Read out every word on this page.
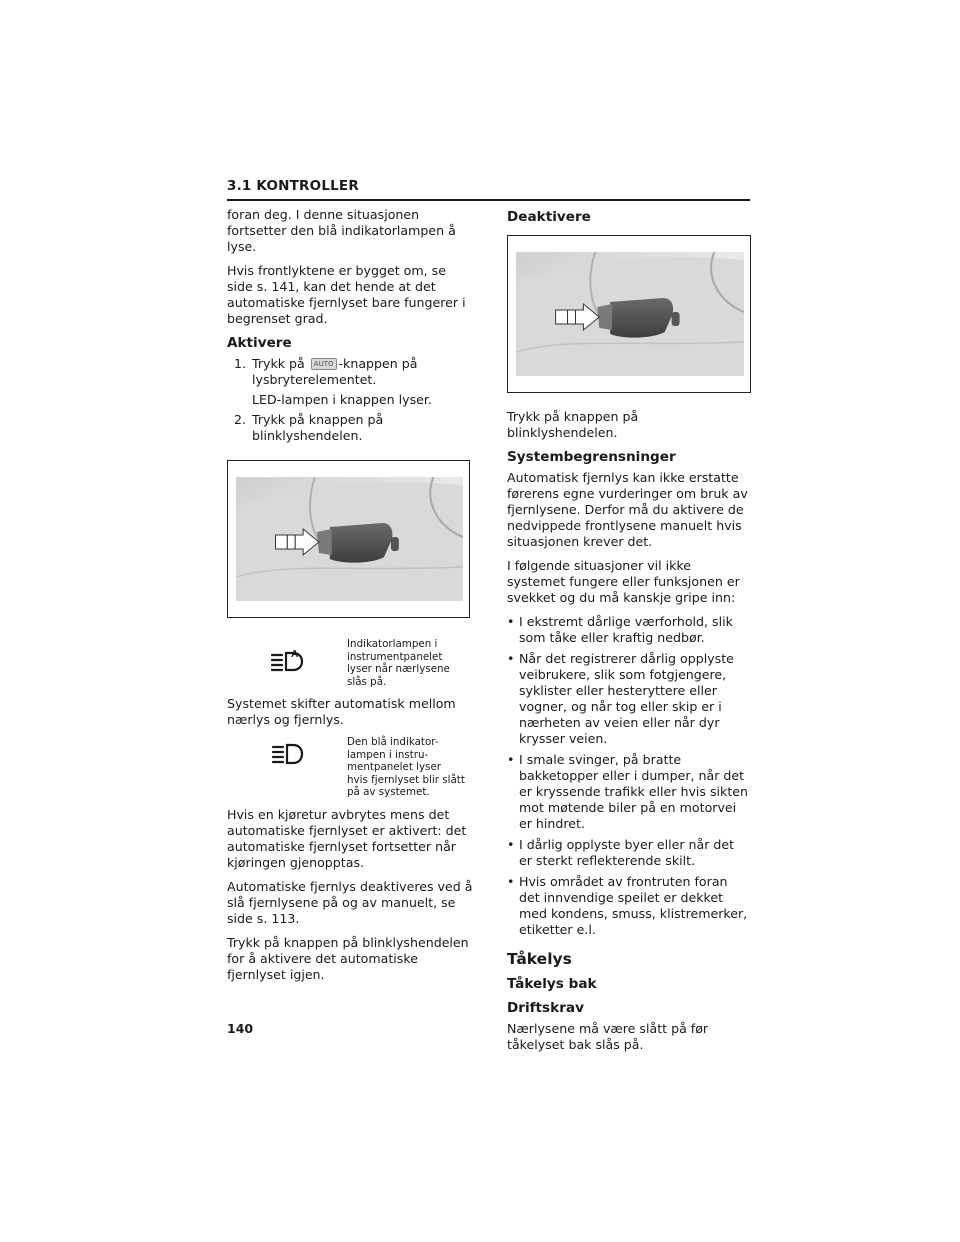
3.1 KONTROLLER

foran deg. I denne situasjonen fortsetter den blå indikatorlampen å lyse.

Hvis frontlyktene er bygget om, se side s. 141, kan det hende at det automatiske fjernlyset bare fungerer i begrenset grad.

Aktivere
1. Trykk på AUTO -knappen på lysbryterelementet.

LED-lampen i knappen lyser.

2. Trykk på knappen på blinklyshendelen.
A

Indikatorlampen i instrumentpanelet lyser når nærlysene slås på.

Systemet skifter automatisk mellom nærlys og fjernlys.

Den blå indikator-lampen i instru-mentpanelet lyser hvis fjernlyset blir slått på av systemet.

Hvis en kjøretur avbrytes mens det automatiske fjernlyset er aktivert: det automatiske fjernlyset fortsetter når kjøringen gjenopptas.

Automatiske fjernlys deaktiveres ved å slå fjernlysene på og av manuelt, se side s. 113.

Trykk på knappen på blinklyshendelen for å aktivere det automatiske fjernlyset igjen.

Deaktivere

Trykk på knappen på blinklyshendelen.

Systembegrensninger

Automatisk fjernlys kan ikke erstatte førerens egne vurderinger om bruk av fjernlysene. Derfor må du aktivere de nedvippede frontlysene manuelt hvis situasjonen krever det.

I følgende situasjoner vil ikke systemet fungere eller funksjonen er svekket og du må kanskje gripe inn:

• I ekstremt dårlige værforhold, slik som tåke eller kraftig nedbør.
• Når det registrerer dårlig opplyste veibrukere, slik som fotgjengere, syklister eller hesteryttere eller vogner, og når tog eller skip er i nærheten av veien eller når dyr krysser veien.
• I smale svinger, på bratte bakketopper eller i dumper, når det er kryssende trafikk eller hvis sikten mot møtende biler på en motorvei er hindret.
• I dårlig opplyste byer eller når det er sterkt reflekterende skilt.
• Hvis området av frontruten foran det innvendige speilet er dekket med kondens, smuss, klistremerker, etiketter e.l.
Tåkelys
Tåkelys bak
Driftskrav

Nærlysene må være slått på før tåkelyset bak slås på.

140
